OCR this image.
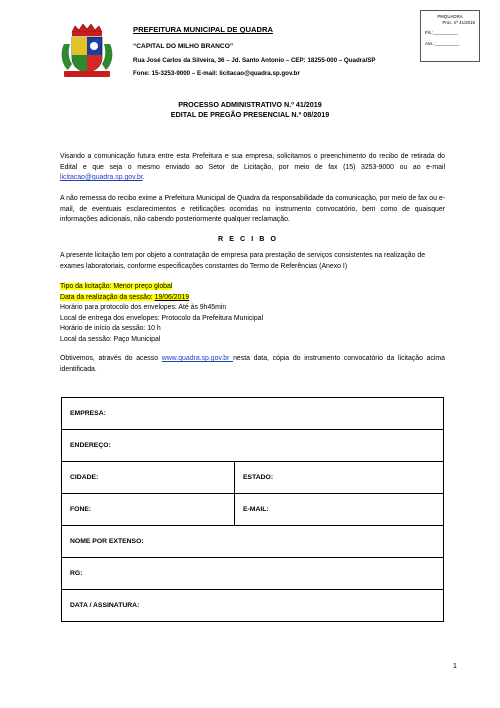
PREFEITURA MUNICIPAL DE QUADRA
“CAPITAL DO MILHO BRANCO”
Rua José Carlos da Silveira, 36 – Jd. Santo Antonio – CEP: 18255-000 – Quadra/SP
Fone: 15-3253-9000 – E-mail: licitacao@quadra.sp.gov.br
PMQUADRA
Proc. nº 41/2019
Fls.:__________
Ass.:__________
PROCESSO ADMINISTRATIVO N.º 41/2019
EDITAL DE PREGÃO PRESENCIAL N.º 08/2019
Visando a comunicação futura entre esta Prefeitura e sua empresa, solicitamos o preenchimento do recibo de retirada do Edital e que seja o mesmo enviado ao Setor de Licitação, por meio de fax (15) 3253-9000 ou ao e-mail licitacao@quadra.sp.gov.br.
A não remessa do recibo exime a Prefeitura Municipal de Quadra da responsabilidade da comunicação, por meio de fax ou e-mail, de eventuais esclarecimentos e retificações ocorridas no instrumento convocatório, bem como de quaisquer informações adicionais, não cabendo posteriormente qualquer reclamação.
RECIBO
A presente licitação tem por objeto a contratação de empresa para prestação de serviços consistentes na realização de exames laboratoriais, conforme especificações constantes do Termo de Referências (Anexo I)
Tipo da licitação: Menor preço global
Data da realização da sessão: 19/06/2019
Horário para protocolo dos envelopes: Até às 9h45min
Local de entrega dos envelopes: Protocolo da Prefeitura Municipal
Horário de início da sessão: 10 h
Local da sessão: Paço Municipal
Obtivemos, através do acesso www.quadra.sp.gov.br nesta data, cópia do instrumento convocatório da licitação acima identificada.
EMPRESA:	
ENDEREÇO:	
CIDADE:	ESTADO:
FONE:	E-MAIL:
NOME POR EXTENSO:	
RG:	
DATA / ASSINATURA:	
1
